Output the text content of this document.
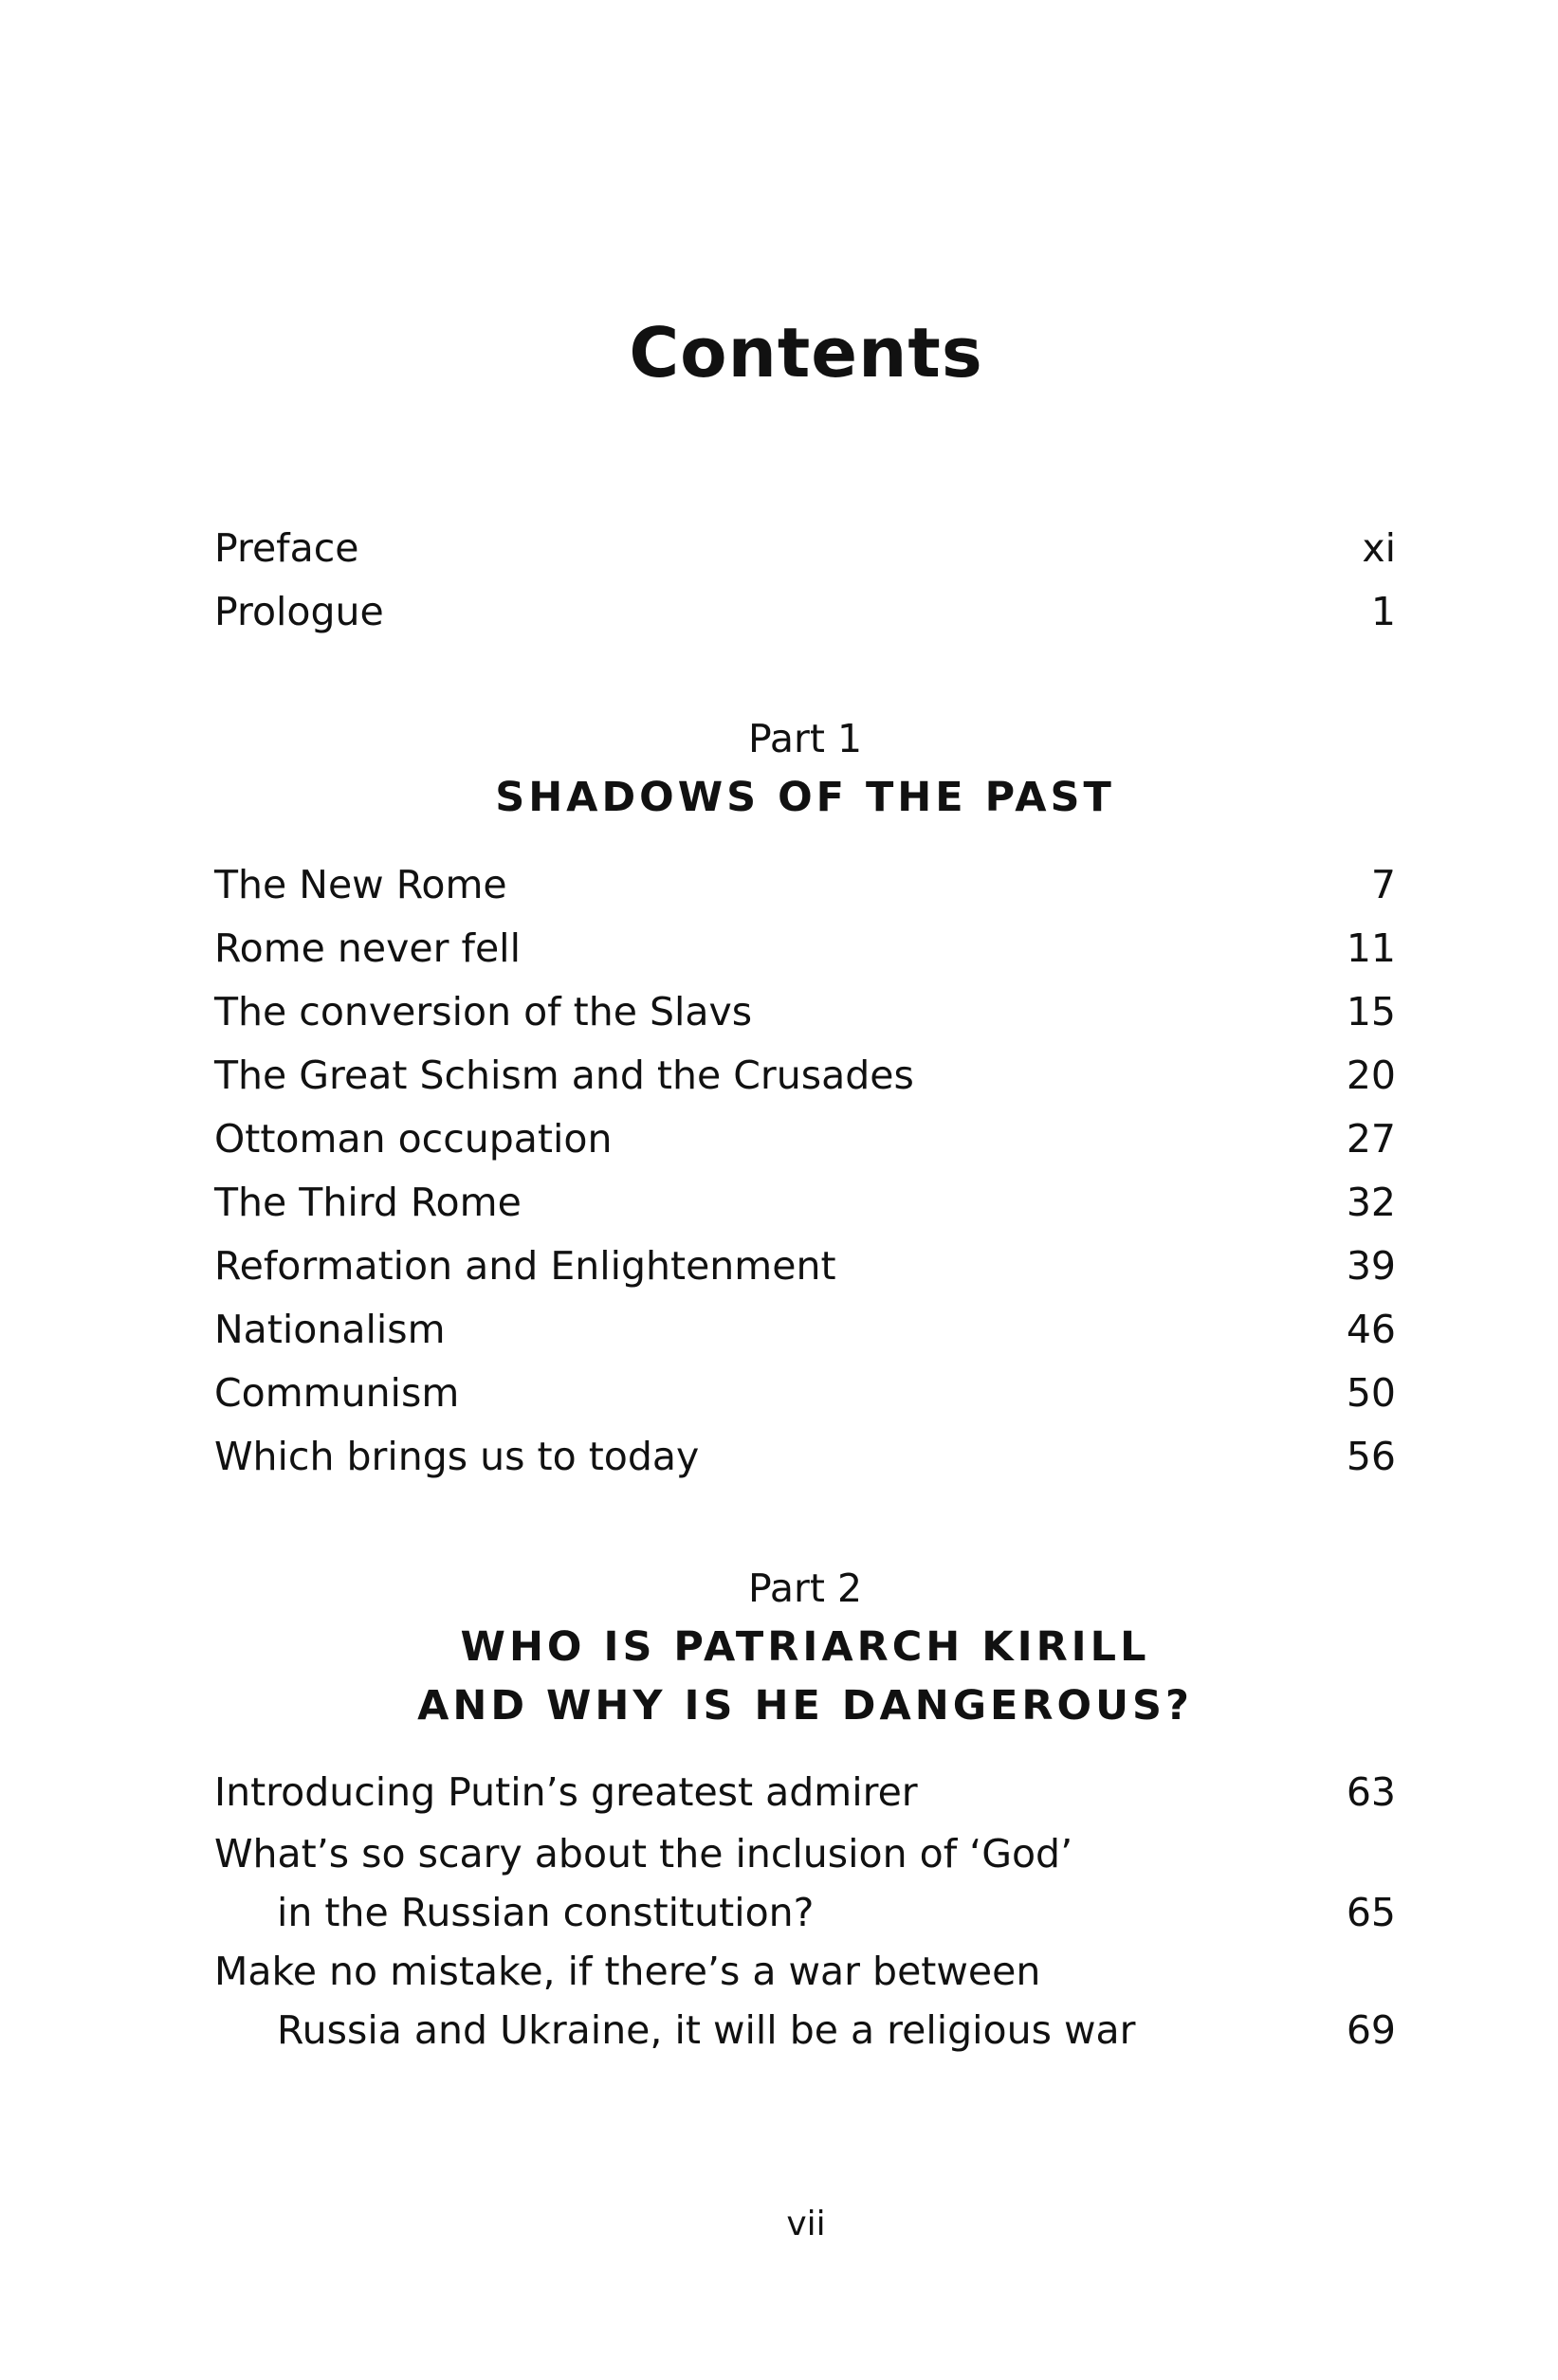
Contents
Preface	xi
Prologue	1
Part 1
SHADOWS OF THE PAST
The New Rome	7
Rome never fell	11
The conversion of the Slavs	15
The Great Schism and the Crusades	20
Ottoman occupation	27
The Third Rome	32
Reformation and Enlightenment	39
Nationalism	46
Communism	50
Which brings us to today	56
Part 2
WHO IS PATRIARCH KIRILL
AND WHY IS HE DANGEROUS?
Introducing Putin’s greatest admirer	63
What’s so scary about the inclusion of ‘God’
in the Russian constitution?	65
Make no mistake, if there’s a war between
Russia and Ukraine, it will be a religious war	69
vii
